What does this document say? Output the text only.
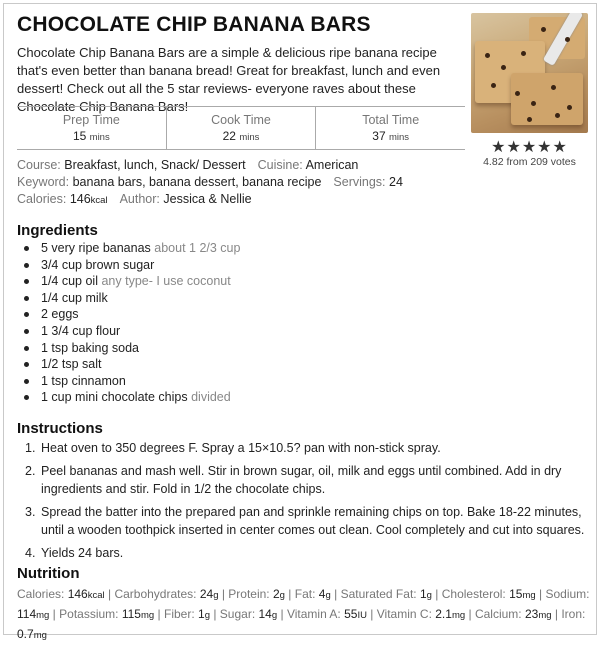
CHOCOLATE CHIP BANANA BARS
Chocolate Chip Banana Bars are a simple & delicious ripe banana recipe that's even better than banana bread! Great for breakfast, lunch and even dessert! Check out all the 5 star reviews- everyone raves about these Chocolate Chip Banana Bars!
★★★★★
4.82 from 209 votes
Prep Time
15 mins
Cook Time
22 mins
Total Time
37 mins
Course: Breakfast, lunch, Snack/ Dessert Cuisine: American
Keyword: banana bars, banana dessert, banana recipe Servings: 24
Calories: 146kcal Author: Jessica & Nellie
Ingredients
5 very ripe bananas about 1 2/3 cup
3/4 cup brown sugar
1/4 cup oil any type- I use coconut
1/4 cup milk
2 eggs
1 3/4 cup flour
1 tsp baking soda
1/2 tsp salt
1 tsp cinnamon
1 cup mini chocolate chips divided
Instructions
1. Heat oven to 350 degrees F. Spray a 15×10.5? pan with non-stick spray.
2. Peel bananas and mash well. Stir in brown sugar, oil, milk and eggs until combined. Add in dry ingredients and stir. Fold in 1/2 the chocolate chips.
3. Spread the batter into the prepared pan and sprinkle remaining chips on top. Bake 18-22 minutes, until a wooden toothpick inserted in center comes out clean. Cool completely and cut into squares.
4. Yields 24 bars.
Nutrition
Calories: 146kcal | Carbohydrates: 24g | Protein: 2g | Fat: 4g | Saturated Fat: 1g | Cholesterol: 15mg | Sodium: 114mg | Potassium: 115mg | Fiber: 1g | Sugar: 14g | Vitamin A: 55IU | Vitamin C: 2.1mg | Calcium: 23mg | Iron: 0.7mg
